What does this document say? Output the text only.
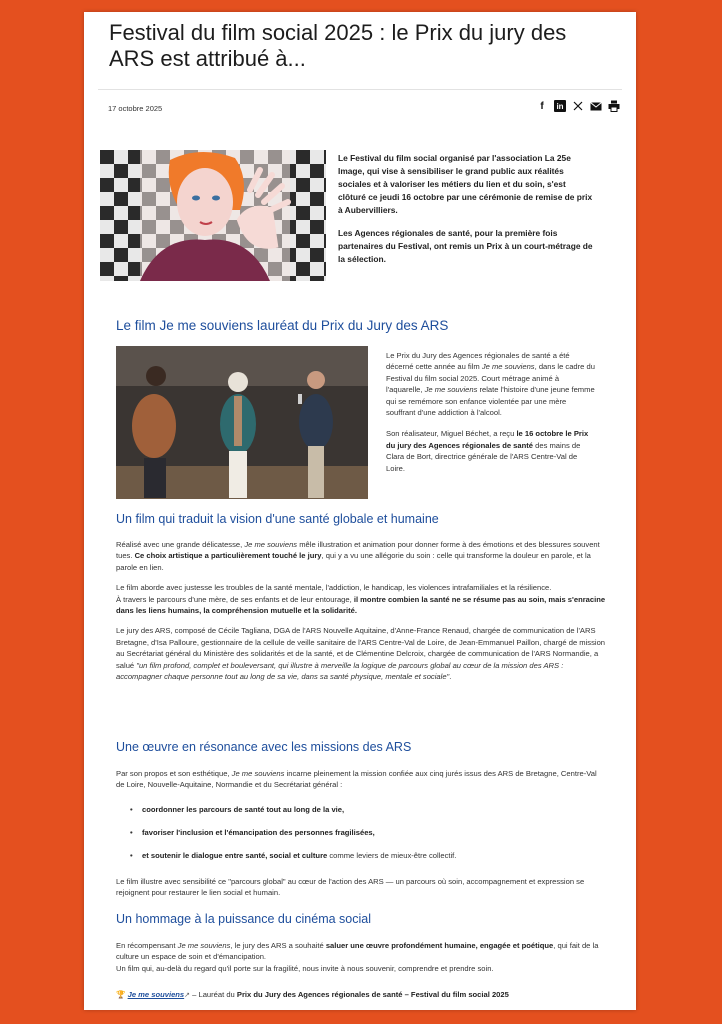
Festival du film social 2025 : le Prix du jury des ARS est attribué à...
17 octobre 2025	f	in

Le Festival du film social organisé par l'association La 25e Image, qui vise à sensibiliser le grand public aux réalités sociales et à valoriser les métiers du lien et du soin, s'est clôturé ce jeudi 16 octobre par une cérémonie de remise de prix à Aubervilliers.

Les Agences régionales de santé, pour la première fois partenaires du Festival, ont remis un Prix à un court-métrage de la sélection.

Le film Je me souviens lauréat du Prix du Jury des ARS

Le Prix du Jury des Agences régionales de santé a été décerné cette année au film Je me souviens, dans le cadre du Festival du film social 2025. Court métrage animé à l'aquarelle, Je me souviens relate l'histoire d'une jeune femme qui se remémore son enfance violentée par une mère souffrant d'une addiction à l'alcool.

Son réalisateur, Miguel Béchet, a reçu le 16 octobre le Prix du jury des Agences régionales de santé des mains de Clara de Bort, directrice générale de l'ARS Centre-Val de Loire.

Un film qui traduit la vision d'une santé globale et humaine

Réalisé avec une grande délicatesse, Je me souviens mêle illustration et animation pour donner forme à des émotions et des blessures souvent tues. Ce choix artistique a particulièrement touché le jury, qui y a vu une allégorie du soin : celle qui transforme la douleur en parole, et la parole en lien.

Le film aborde avec justesse les troubles de la santé mentale, l'addiction, le handicap, les violences intrafamiliales et la résilience.
À travers le parcours d'une mère, de ses enfants et de leur entourage, il montre combien la santé ne se résume pas au soin, mais s'enracine dans les liens humains, la compréhension mutuelle et la solidarité.

Le jury des ARS, composé de Cécile Tagliana, DGA de l'ARS Nouvelle Aquitaine, d'Anne-France Renaud, chargée de communication de l'ARS Bretagne, d'Isa Palloure, gestionnaire de la cellule de veille sanitaire de l'ARS Centre-Val de Loire, de Jean-Emmanuel Paillon, chargé de mission au Secrétariat général du Ministère des solidarités et de la santé, et de Clémentine Delcroix, chargée de communication de l'ARS Normandie, a salué "un film profond, complet et bouleversant, qui illustre à merveille la logique de parcours global au cœur de la mission des ARS : accompagner chaque personne tout au long de sa vie, dans sa santé physique, mentale et sociale".

Une œuvre en résonance avec les missions des ARS

Par son propos et son esthétique, Je me souviens incarne pleinement la mission confiée aux cinq jurés issus des ARS de Bretagne, Centre-Val de Loire, Nouvelle-Aquitaine, Normandie et du Secrétariat général :

• coordonner les parcours de santé tout au long de la vie,
• favoriser l'inclusion et l'émancipation des personnes fragilisées,
• et soutenir le dialogue entre santé, social et culture comme leviers de mieux-être collectif.

Le film illustre avec sensibilité ce "parcours global" au cœur de l'action des ARS — un parcours où soin, accompagnement et expression se rejoignent pour restaurer le lien social et humain.

Un hommage à la puissance du cinéma social

En récompensant Je me souviens, le jury des ARS a souhaité saluer une œuvre profondément humaine, engagée et poétique, qui fait de la culture un espace de soin et d'émancipation.
Un film qui, au-delà du regard qu'il porte sur la fragilité, nous invite à nous souvenir, comprendre et prendre soin.

🏆 Je me souviens↗ – Lauréat du Prix du Jury des Agences régionales de santé – Festival du film social 2025
